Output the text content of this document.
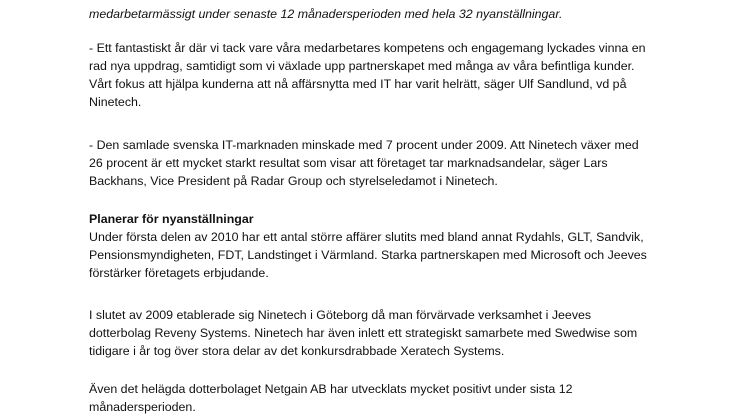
medarbetarmässigt under senaste 12 månadersperioden med hela 32 nyanställningar.
- Ett fantastiskt år där vi tack vare våra medarbetares kompetens och engagemang lyckades vinna en
rad nya uppdrag, samtidigt som vi växlade upp partnerskapet med många av våra befintliga kunder.
Vårt fokus att hjälpa kunderna att nå affärsnytta med IT har varit helrätt, säger Ulf Sandlund, vd på
Ninetech.
- Den samlade svenska IT-marknaden minskade med 7 procent under 2009. Att Ninetech växer med
26 procent är ett mycket starkt resultat som visar att företaget tar marknadsandelar, säger Lars
Backhans, Vice President på Radar Group och styrelseledamot i Ninetech.
Planerar för nyanställningar
Under första delen av 2010 har ett antal större affärer slutits med bland annat Rydahls, GLT, Sandvik,
Pensionsmyndigheten, FDT, Landstinget i Värmland. Starka partnerskapen med Microsoft och Jeeves
förstärker företagets erbjudande.
I slutet av 2009 etablerade sig Ninetech i Göteborg då man förvärvade verksamhet i Jeeves
dotterbolag Reveny Systems. Ninetech har även inlett ett strategiskt samarbete med Swedwise som
tidigare i år tog över stora delar av det konkursdrabbade Xeratech Systems.
Även det helägda dotterbolaget Netgain AB har utvecklats mycket positivt under sista 12
månadersperioden.
